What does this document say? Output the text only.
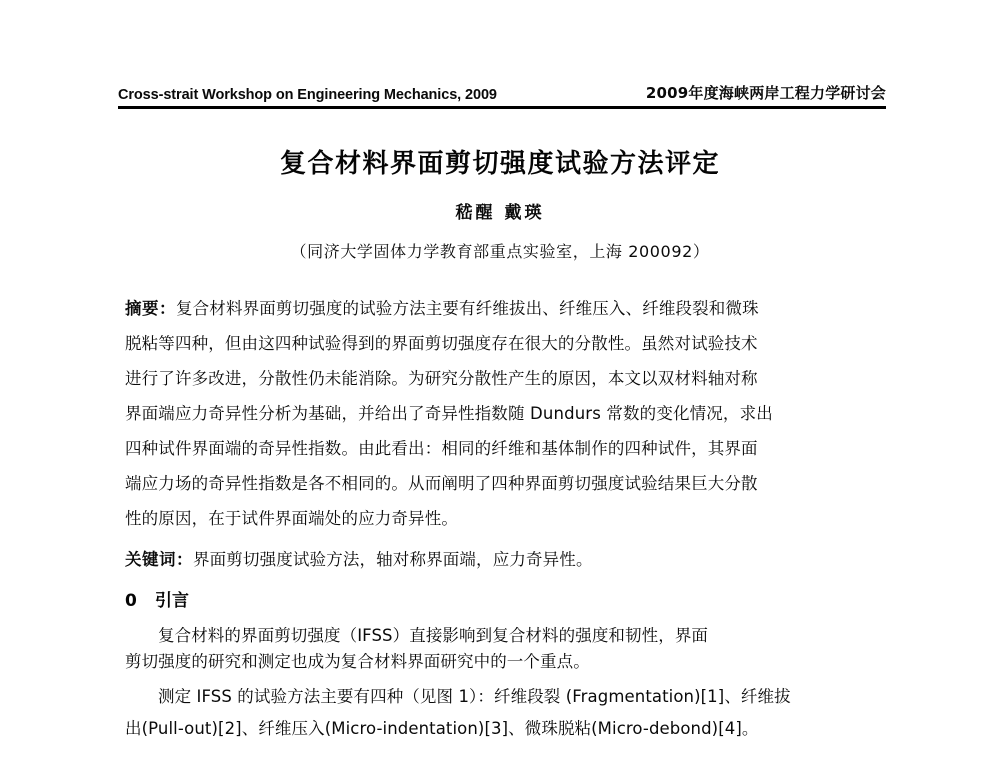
Cross-strait Workshop on Engineering Mechanics, 2009	2009年度海峡两岸工程力学研讨会
复合材料界面剪切强度试验方法评定
嵇醒 戴瑛
（同济大学固体力学教育部重点实验室，上海 200092）
摘要：复合材料界面剪切强度的试验方法主要有纤维拔出、纤维压入、纤维段裂和微珠
脱粘等四种，但由这四种试验得到的界面剪切强度存在很大的分散性。虽然对试验技术
进行了许多改进，分散性仍未能消除。为研究分散性产生的原因，本文以双材料轴对称
界面端应力奇异性分析为基础，并给出了奇异性指数随 Dundurs 常数的变化情况，求出
四种试件界面端的奇异性指数。由此看出：相同的纤维和基体制作的四种试件，其界面
端应力场的奇异性指数是各不相同的。从而阐明了四种界面剪切强度试验结果巨大分散
性的原因，在于试件界面端处的应力奇异性。
关键词：界面剪切强度试验方法，轴对称界面端，应力奇异性。
0 引言

复合材料的界面剪切强度（IFSS）直接影响到复合材料的强度和韧性，界面
剪切强度的研究和测定也成为复合材料界面研究中的一个重点。

测定 IFSS 的试验方法主要有四种（见图 1）：纤维段裂 (Fragmentation)[1]、纤维拔
出(Pull-out)[2]、纤维压入(Micro-indentation)[3]、微珠脱粘(Micro-debond)[4]。
